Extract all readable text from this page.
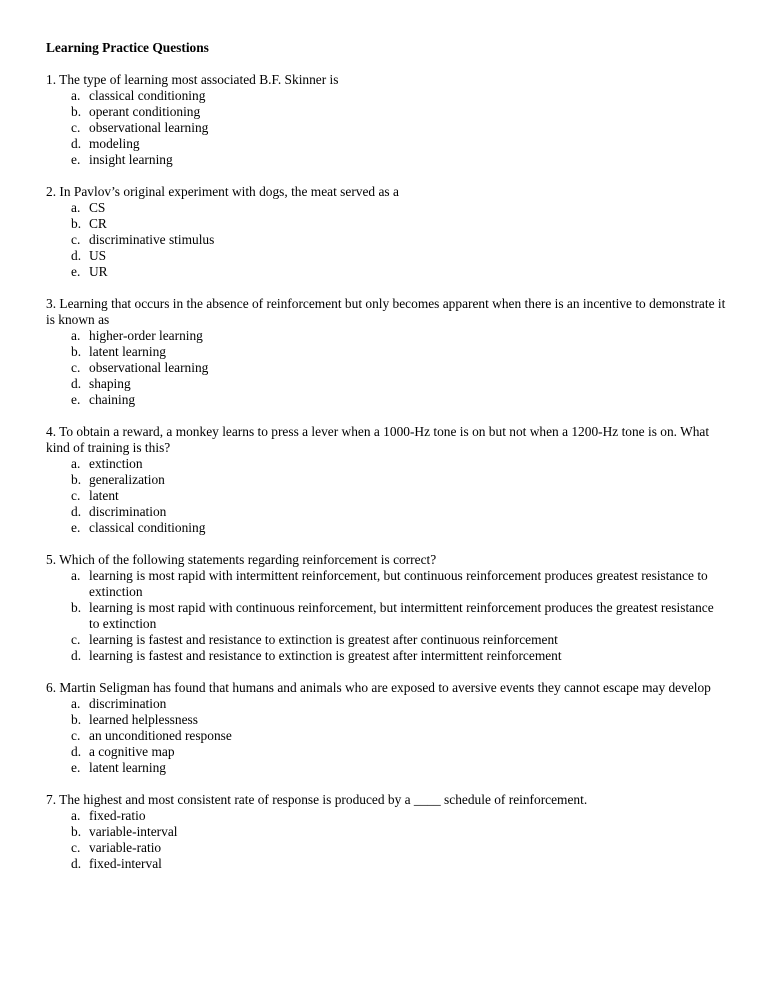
Learning Practice Questions
1. The type of learning most associated B.F. Skinner is
a. classical conditioning
b. operant conditioning
c. observational learning
d. modeling
e. insight learning
2. In Pavlov’s original experiment with dogs, the meat served as a
a. CS
b. CR
c. discriminative stimulus
d. US
e. UR
3. Learning that occurs in the absence of reinforcement but only becomes apparent when there is an incentive to demonstrate it is known as
a. higher-order learning
b. latent learning
c. observational learning
d. shaping
e. chaining
4. To obtain a reward, a monkey learns to press a lever when a 1000-Hz tone is on but not when a 1200-Hz tone is on. What kind of training is this?
a. extinction
b. generalization
c. latent
d. discrimination
e. classical conditioning
5. Which of the following statements regarding reinforcement is correct?
a. learning is most rapid with intermittent reinforcement, but continuous reinforcement produces greatest resistance to extinction
b. learning is most rapid with continuous reinforcement, but intermittent reinforcement produces the greatest resistance to extinction
c. learning is fastest and resistance to extinction is greatest after continuous reinforcement
d. learning is fastest and resistance to extinction is greatest after intermittent reinforcement
6. Martin Seligman has found that humans and animals who are exposed to aversive events they cannot escape may develop
a. discrimination
b. learned helplessness
c. an unconditioned response
d. a cognitive map
e. latent learning
7. The highest and most consistent rate of response is produced by a ____ schedule of reinforcement.
a. fixed-ratio
b. variable-interval
c. variable-ratio
d. fixed-interval
